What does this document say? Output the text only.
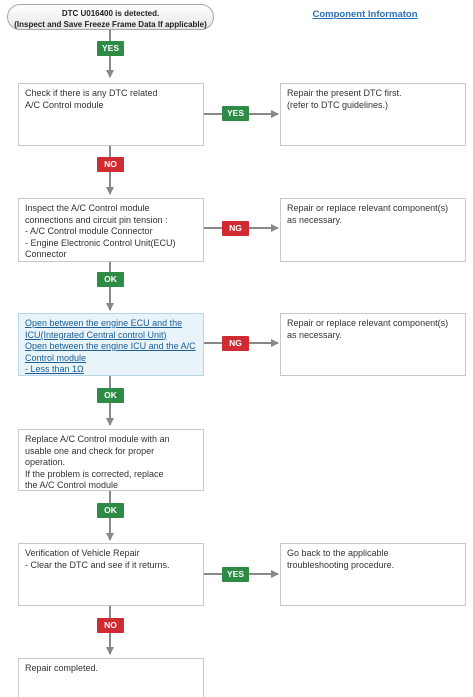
DTC U016400 is detected.
(Inspect and Save Freeze Frame Data If applicable)
Component Informaton
YES
Check if there is any DTC related
A/C Control module
YES
Repair the present DTC first.
(refer to DTC guidelines.)
NO
Inspect the A/C Control module
connections and circuit pin tension :
- A/C Control module Connector
- Engine Electronic Control Unit(ECU)
Connector
NG
Repair or replace relevant component(s)
as necessary.
OK
Open between the engine ECU and the ICU(Integrated Central control Unit)
Open between the engine ICU and the A/C Control module
- Less than 1Ω
NG
Repair or replace relevant component(s)
as necessary.
OK
Replace A/C Control module with an
usable one and check for proper
operation.
If the problem is corrected, replace
the A/C Control module
OK
Verification of Vehicle Repair
- Clear the DTC and see if it returns.
YES
Go back to the applicable
troubleshooting procedure.
NO
Repair completed.
